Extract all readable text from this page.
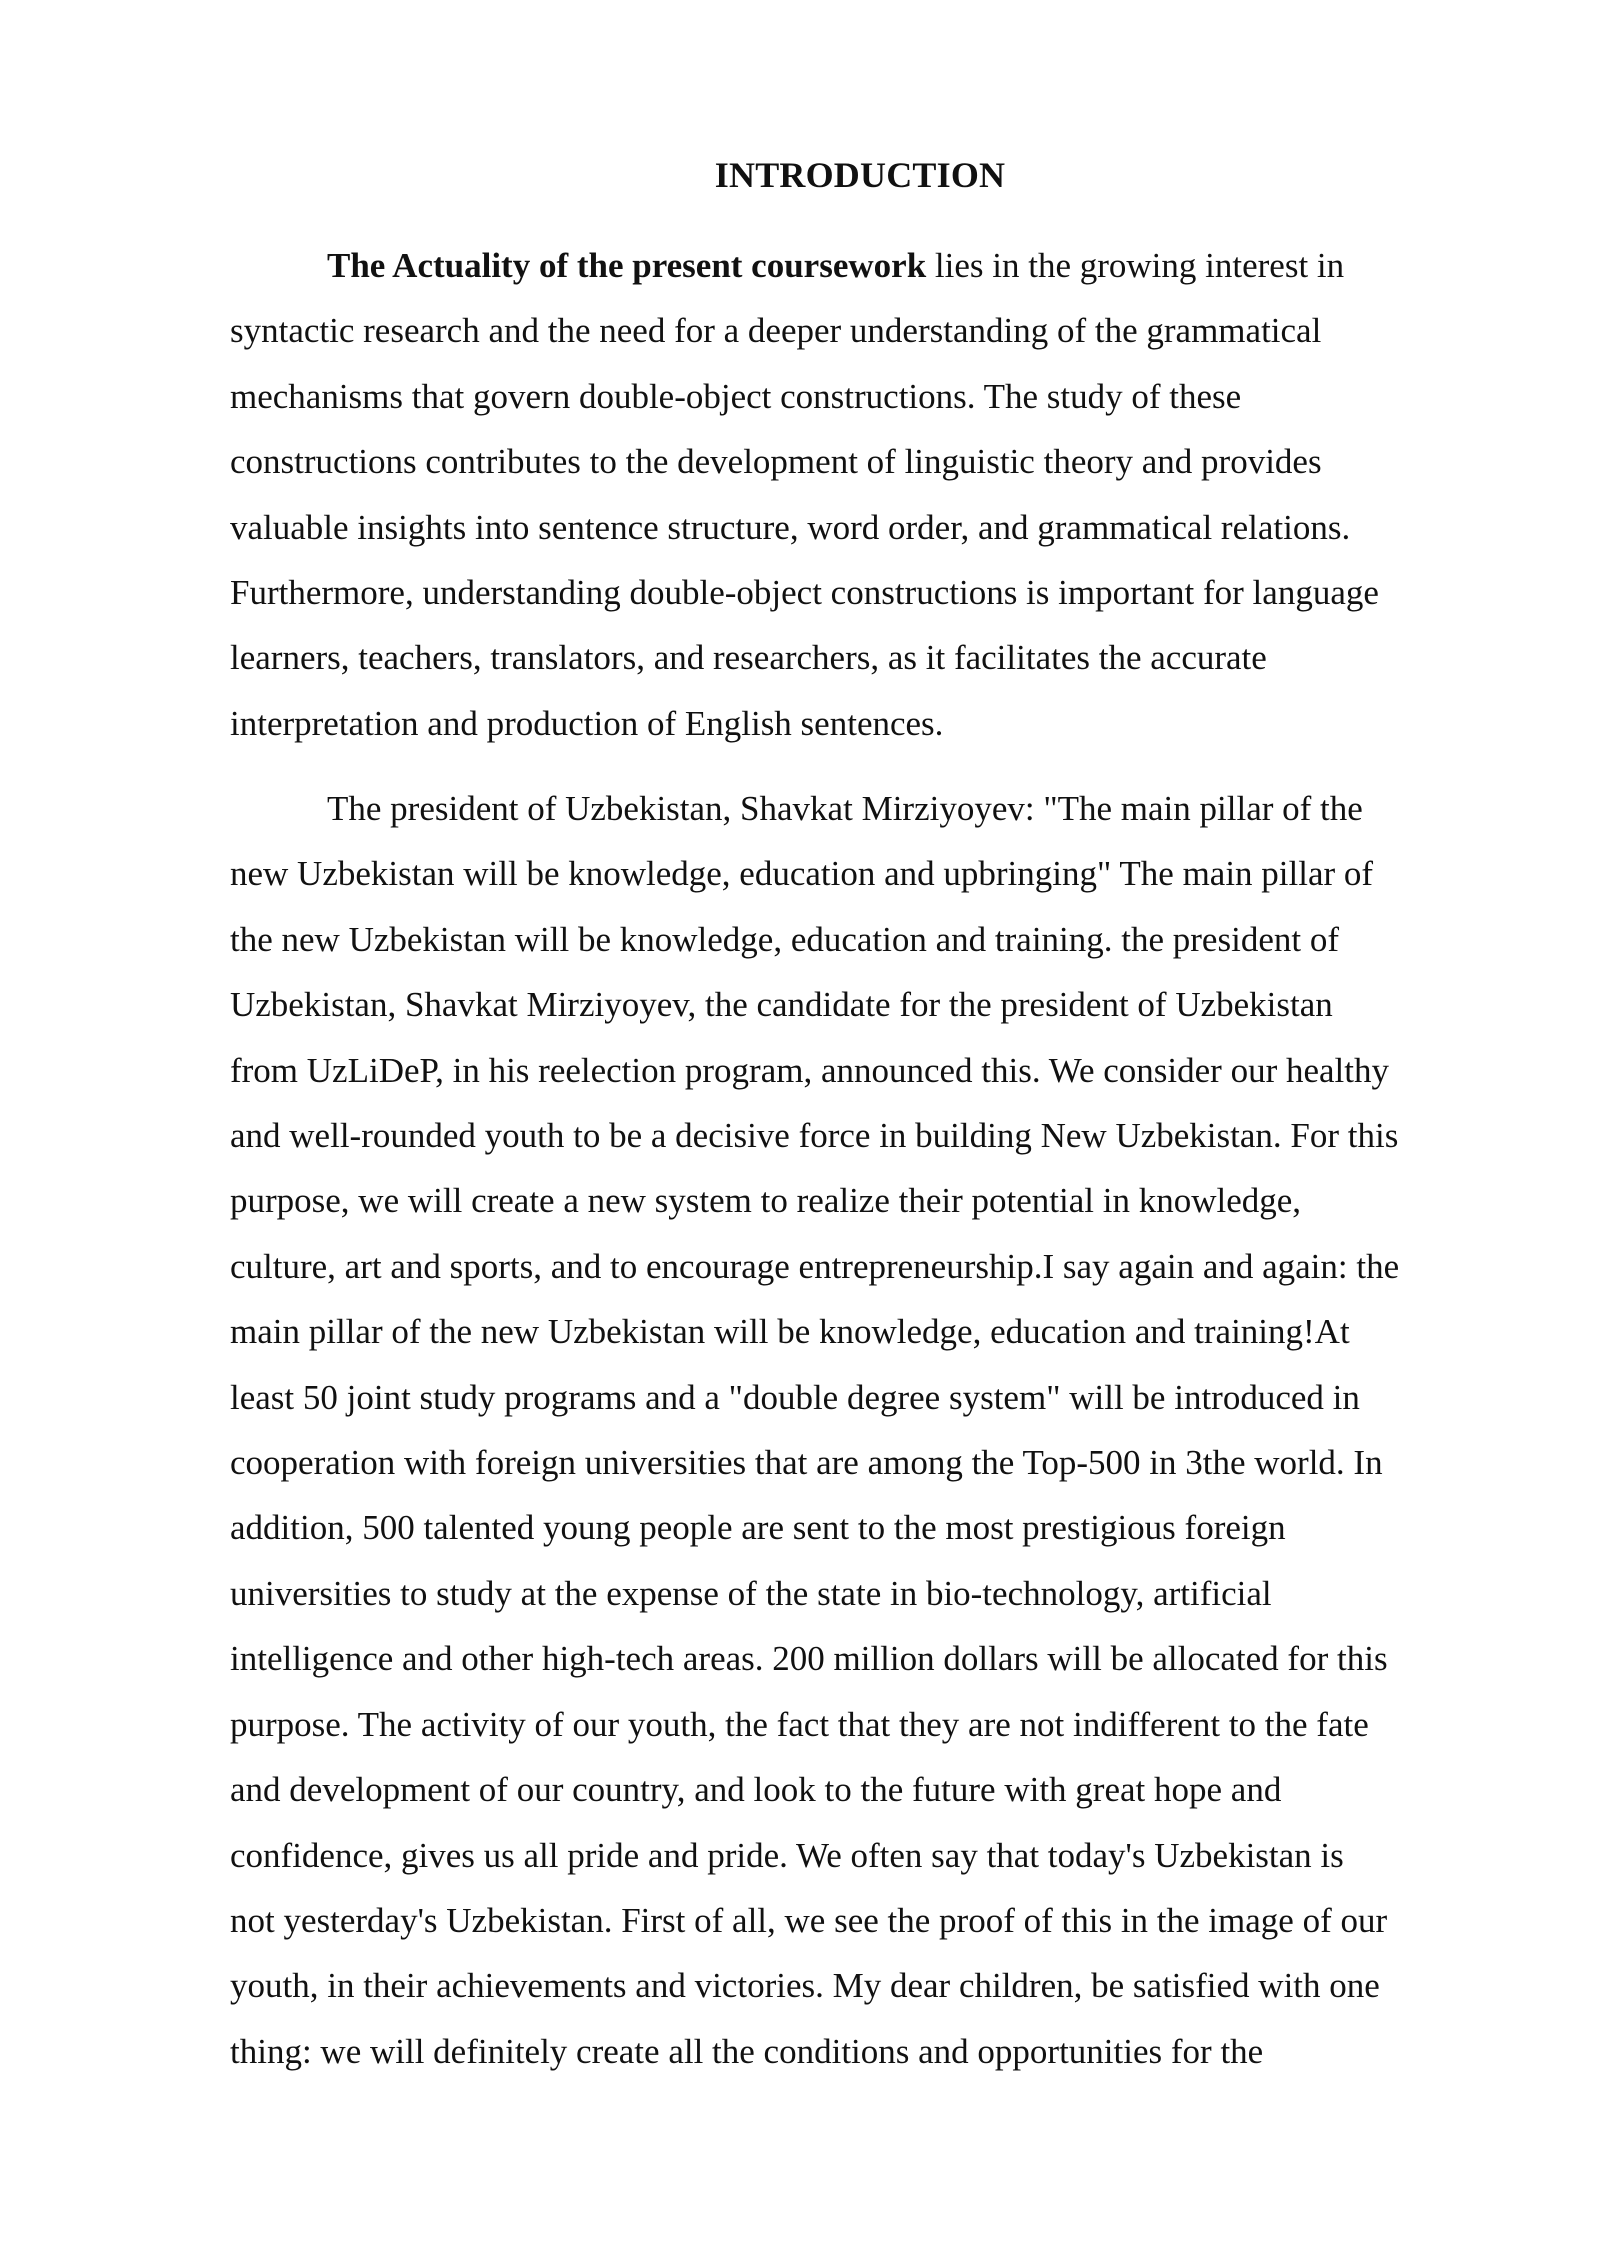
INTRODUCTION

The Actuality of the present coursework lies in the growing interest in
syntactic research and the need for a deeper understanding of the grammatical
mechanisms that govern double-object constructions. The study of these
constructions contributes to the development of linguistic theory and provides
valuable insights into sentence structure, word order, and grammatical relations.
Furthermore, understanding double-object constructions is important for language
learners, teachers, translators, and researchers, as it facilitates the accurate
interpretation and production of English sentences.

The president of Uzbekistan, Shavkat Mirziyoyev: "The main pillar of the
new Uzbekistan will be knowledge, education and upbringing" The main pillar of
the new Uzbekistan will be knowledge, education and training. the president of
Uzbekistan, Shavkat Mirziyoyev, the candidate for the president of Uzbekistan
from UzLiDeP, in his reelection program, announced this. We consider our healthy
and well-rounded youth to be a decisive force in building New Uzbekistan. For this
purpose, we will create a new system to realize their potential in knowledge,
culture, art and sports, and to encourage entrepreneurship.I say again and again: the
main pillar of the new Uzbekistan will be knowledge, education and training!At
least 50 joint study programs and a "double degree system" will be introduced in
cooperation with foreign universities that are among the Top-500 in 3the world. In
addition, 500 talented young people are sent to the most prestigious foreign
universities to study at the expense of the state in bio-technology, artificial
intelligence and other high-tech areas. 200 million dollars will be allocated for this
purpose. The activity of our youth, the fact that they are not indifferent to the fate
and development of our country, and look to the future with great hope and
confidence, gives us all pride and pride. We often say that today's Uzbekistan is
not yesterday's Uzbekistan. First of all, we see the proof of this in the image of our
youth, in their achievements and victories. My dear children, be satisfied with one
thing: we will definitely create all the conditions and opportunities for the
